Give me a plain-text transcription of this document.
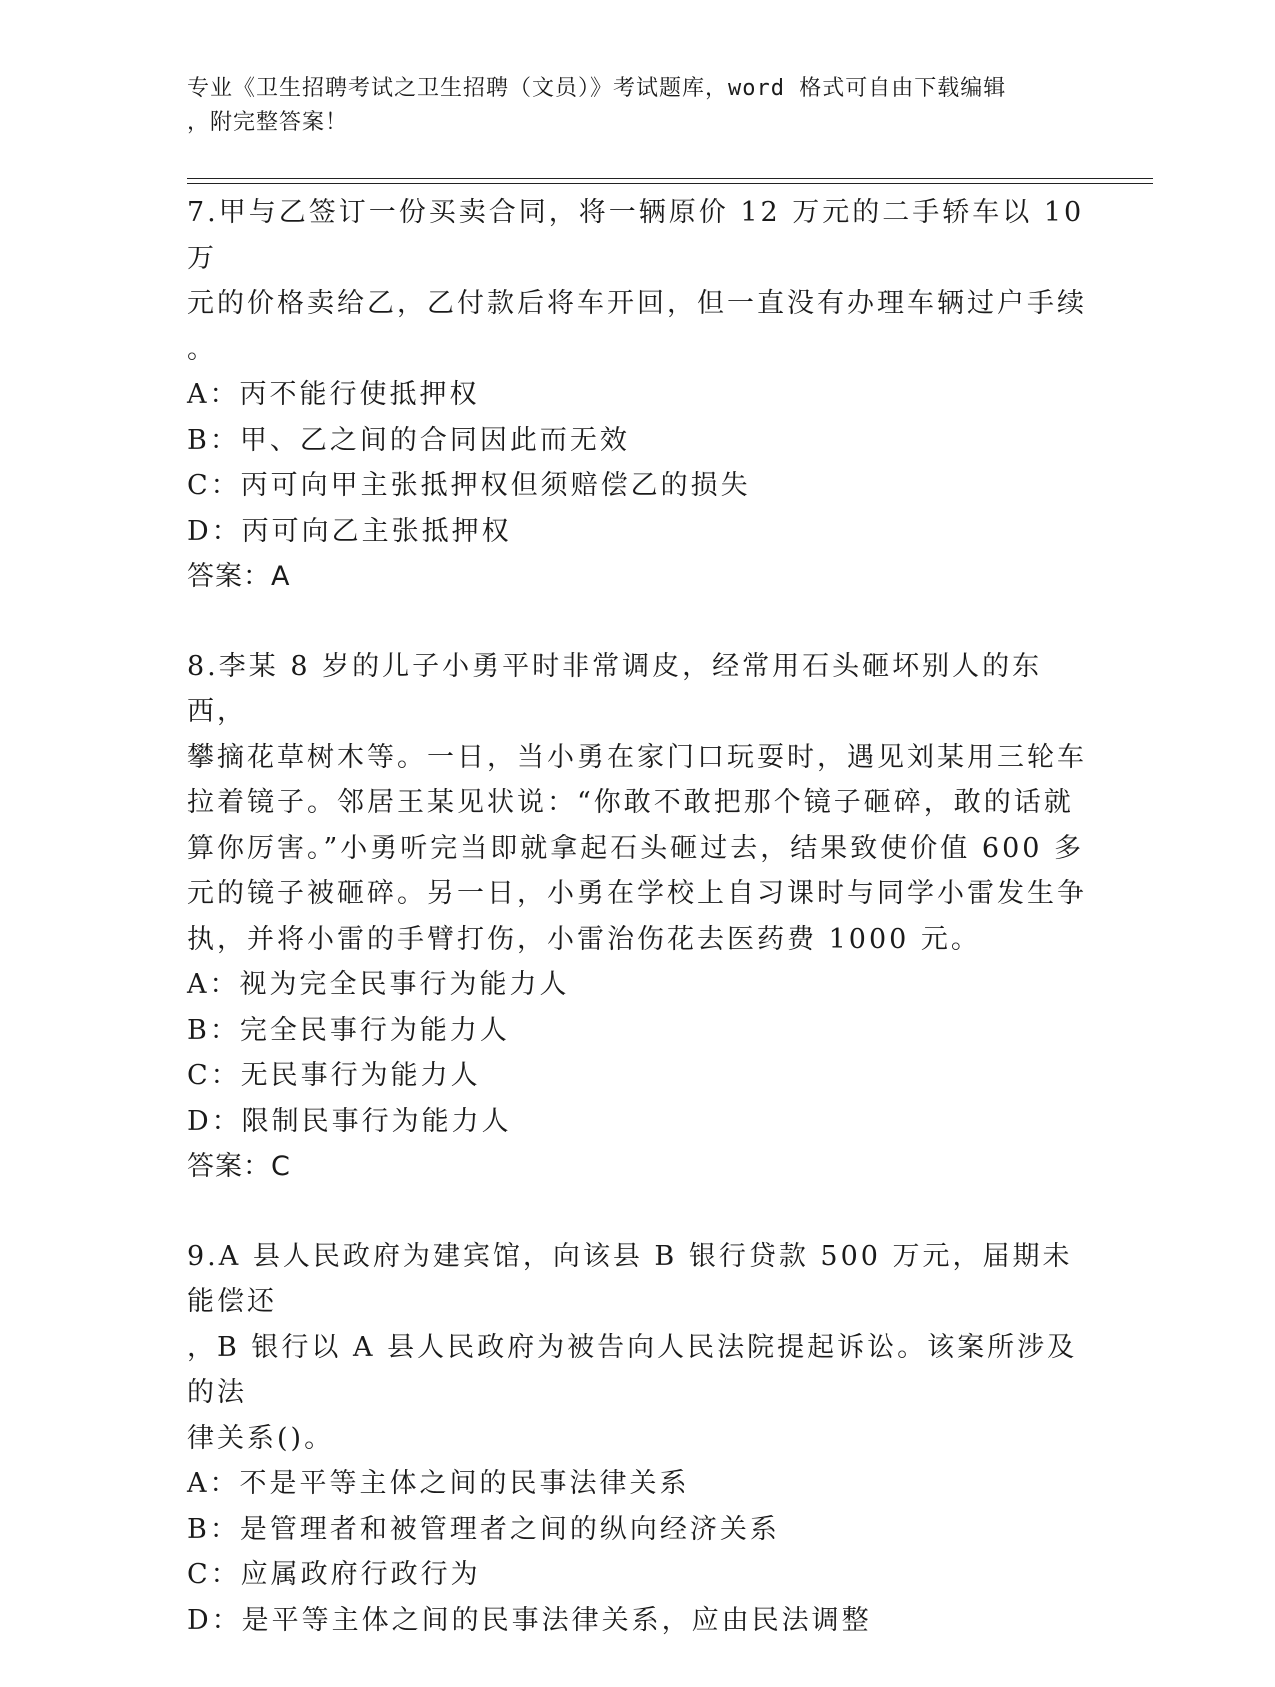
专业《卫生招聘考试之卫生招聘（文员）》考试题库，word 格式可自由下载编辑
，附完整答案！

7.甲与乙签订一份买卖合同，将一辆原价 12 万元的二手轿车以 10 万

元的价格卖给乙，乙付款后将车开回，但一直没有办理车辆过户手续

。

A：丙不能行使抵押权

B：甲、乙之间的合同因此而无效

C：丙可向甲主张抵押权但须赔偿乙的损失

D：丙可向乙主张抵押权

答案：A

8.李某 8 岁的儿子小勇平时非常调皮，经常用石头砸坏别人的东西，

攀摘花草树木等。一日，当小勇在家门口玩耍时，遇见刘某用三轮车

拉着镜子。邻居王某见状说：“你敢不敢把那个镜子砸碎，敢的话就

算你厉害。”小勇听完当即就拿起石头砸过去，结果致使价值 600 多

元的镜子被砸碎。另一日，小勇在学校上自习课时与同学小雷发生争

执，并将小雷的手臂打伤，小雷治伤花去医药费 1000 元。

A：视为完全民事行为能力人

B：完全民事行为能力人

C：无民事行为能力人

D：限制民事行为能力人

答案：C

9.A 县人民政府为建宾馆，向该县 B 银行贷款 500 万元，届期未能偿还

，B 银行以 A 县人民政府为被告向人民法院提起诉讼。该案所涉及的法

律关系()。

A：不是平等主体之间的民事法律关系

B：是管理者和被管理者之间的纵向经济关系

C：应属政府行政行为

D：是平等主体之间的民事法律关系，应由民法调整
